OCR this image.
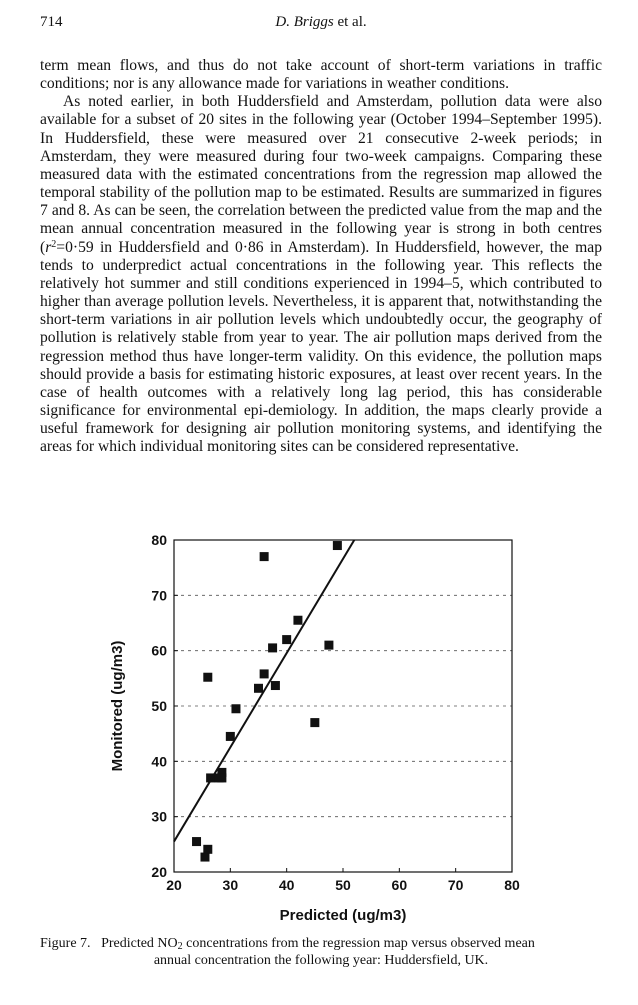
714	D. Briggs et al.

term mean flows, and thus do not take account of short-term variations in traffic conditions; nor is any allowance made for variations in weather conditions.

As noted earlier, in both Huddersfield and Amsterdam, pollution data were also available for a subset of 20 sites in the following year (October 1994–September 1995). In Huddersfield, these were measured over 21 consecutive 2-week periods; in Amsterdam, they were measured during four two-week campaigns. Comparing these measured data with the estimated concentrations from the regression map allowed the temporal stability of the pollution map to be estimated. Results are summarized in figures 7 and 8. As can be seen, the correlation between the predicted value from the map and the mean annual concentration measured in the following year is strong in both centres ($r^2=0\cdot 59$ in Huddersfield and 0·86 in Amsterdam). In Huddersfield, however, the map tends to underpredict actual concentrations in the following year. This reflects the relatively hot summer and still conditions experienced in 1994–5, which contributed to higher than average pollution levels. Nevertheless, it is apparent that, notwithstanding the short-term variations in air pollution levels which undoubtedly occur, the geography of pollution is relatively stable from year to year. The air pollution maps derived from the regression method thus have longer-term validity. On this evidence, the pollution maps should provide a basis for estimating historic exposures, at least over recent years. In the case of health outcomes with a relatively long lag period, this has considerable significance for environmental epi-demiology. In addition, the maps clearly provide a useful framework for designing air pollution monitoring systems, and identifying the areas for which individual monitoring sites can be considered representative.

20	30	40	50	60	70	80
20
30
40
50
60
70
80
Predicted (ug/m3)
Monitored (ug/m3)
Figure 7. Predicted $NO_2$ concentrations from the regression map versus observed mean
annual concentration the following year: Huddersfield, UK.
